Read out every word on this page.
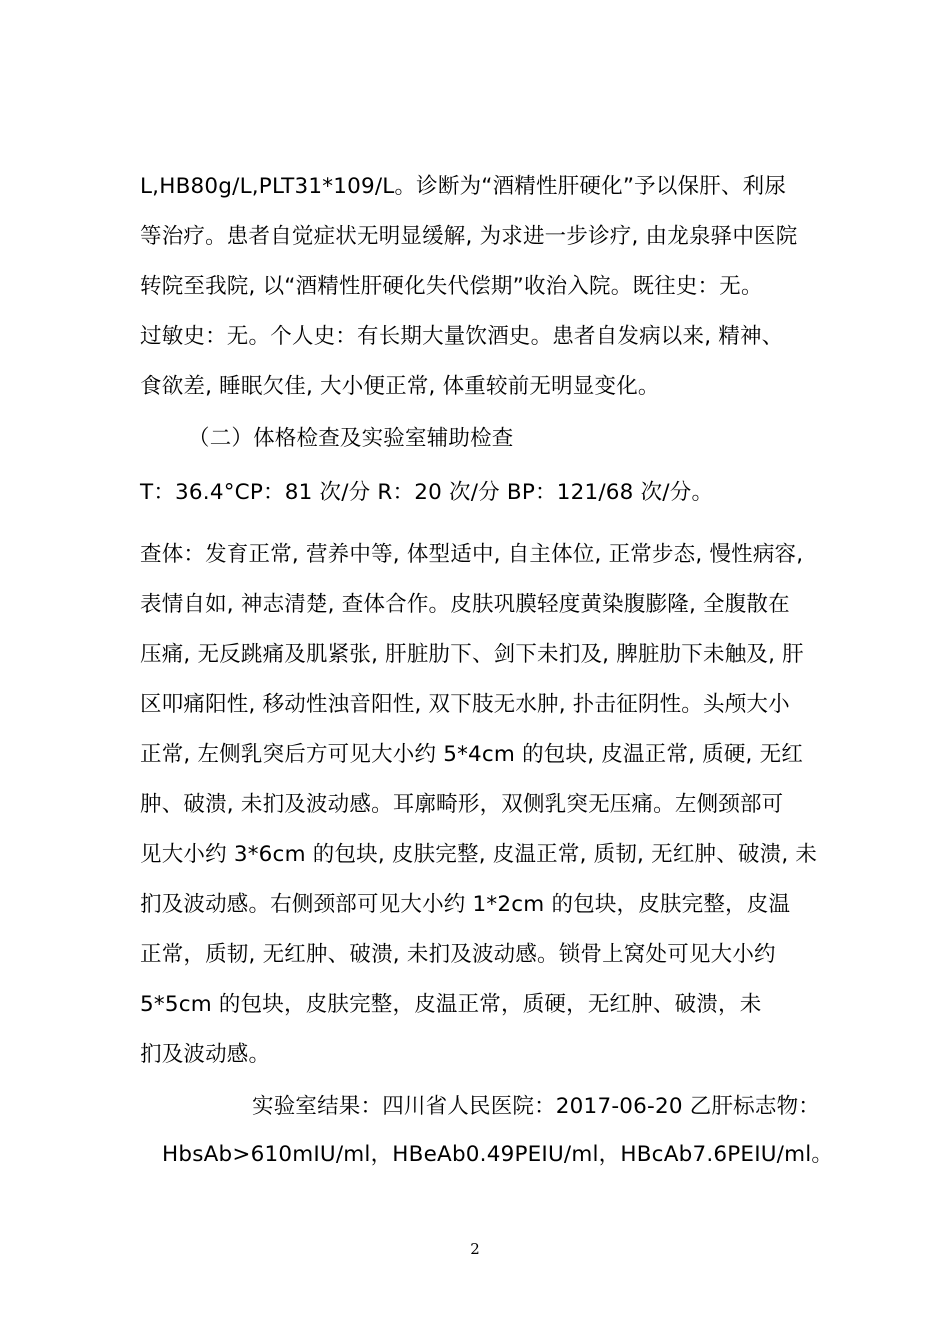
L,HB80g/L,PLT31*109/L。诊断为“酒精性肝硬化”予以保肝、利尿
等治疗。患者自觉症状无明显缓解, 为求进一步诊疗, 由龙泉驿中医院
转院至我院, 以“酒精性肝硬化失代偿期”收治入院。既往史：无。
过敏史：无。个人史：有长期大量饮酒史。患者自发病以来, 精神、
食欲差, 睡眠欠佳, 大小便正常, 体重较前无明显变化。
（二）体格检查及实验室辅助检查
T：36.4°CP：81 次/分 R：20 次/分 BP：121/68 次/分。
查体：发育正常, 营养中等, 体型适中, 自主体位, 正常步态, 慢性病容,
表情自如, 神志清楚, 查体合作。皮肤巩膜轻度黄染腹膨隆, 全腹散在
压痛, 无反跳痛及肌紧张, 肝脏肋下、剑下未扪及, 脾脏肋下未触及, 肝
区叩痛阳性, 移动性浊音阳性, 双下肢无水肿, 扑击征阴性。头颅大小
正常, 左侧乳突后方可见大小约 5*4cm 的包块, 皮温正常, 质硬, 无红
肿、破溃, 未扪及波动感。耳廓畸形，双侧乳突无压痛。左侧颈部可
见大小约 3*6cm 的包块, 皮肤完整, 皮温正常, 质韧, 无红肿、破溃, 未
扪及波动感。右侧颈部可见大小约 1*2cm 的包块，皮肤完整，皮温
正常，质韧, 无红肿、破溃, 未扪及波动感。锁骨上窝处可见大小约
5*5cm 的包块，皮肤完整，皮温正常，质硬，无红肿、破溃，未
扪及波动感。
实验室结果：四川省人民医院：2017-06-20 乙肝标志物：
HbsAb>610mIU/ml，HBeAb0.49PEIU/ml，HBcAb7.6PEIU/ml。
2
